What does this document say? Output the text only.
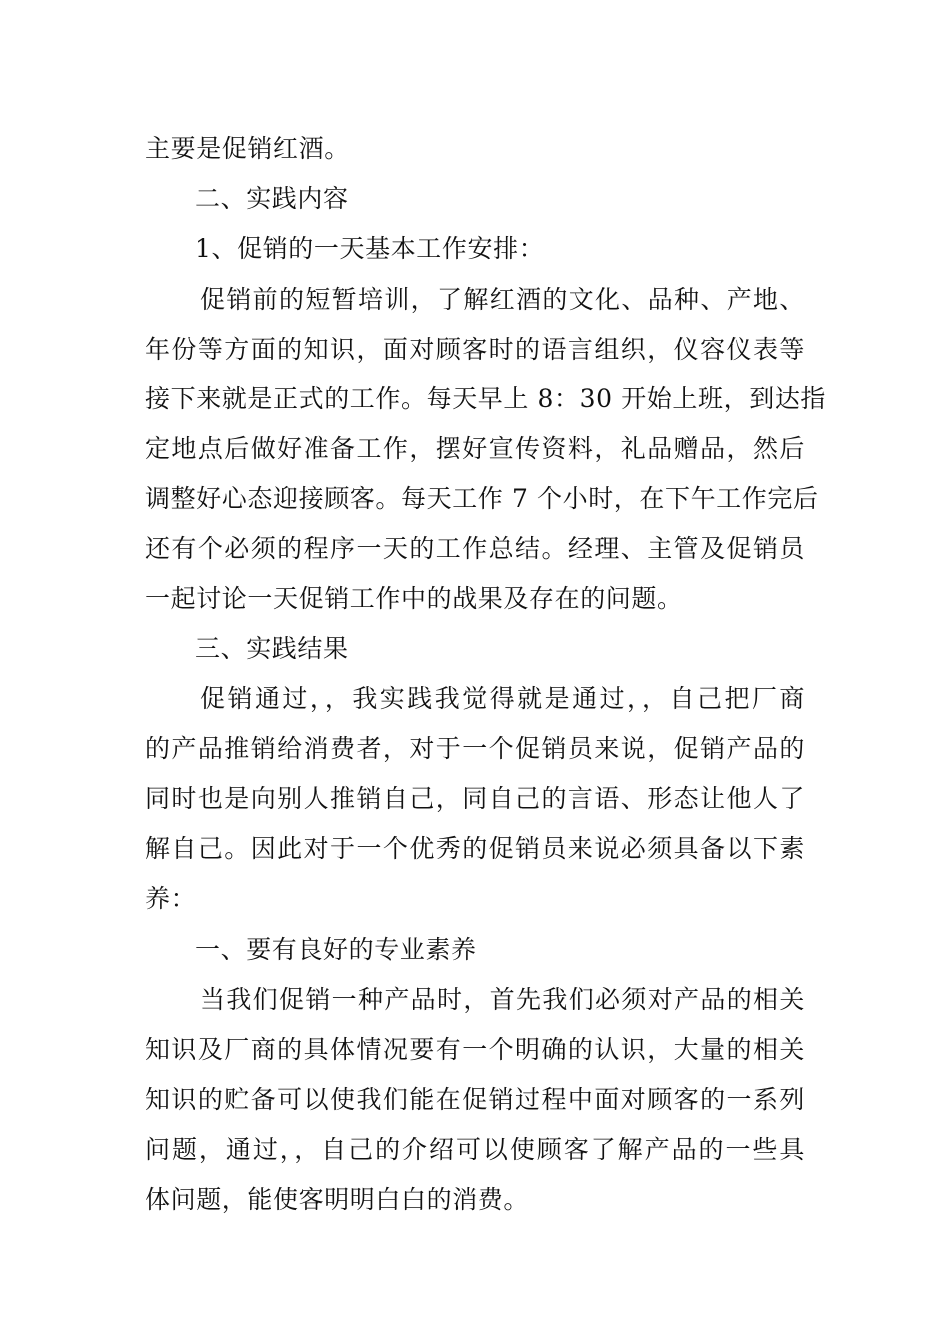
主要是促销红酒。
二、实践内容
1、促销的一天基本工作安排：
促销前的短暂培训，了解红酒的文化、品种、产地、
年份等方面的知识，面对顾客时的语言组织，仪容仪表等
接下来就是正式的工作。每天早上 8：30 开始上班，到达指
定地点后做好准备工作，摆好宣传资料，礼品赠品，然后
调整好心态迎接顾客。每天工作 7 个小时，在下午工作完后
还有个必须的程序一天的工作总结。经理、主管及促销员
一起讨论一天促销工作中的战果及存在的问题。
三、实践结果
促销通过，，我实践我觉得就是通过，，自己把厂商
的产品推销给消费者，对于一个促销员来说，促销产品的
同时也是向别人推销自己，同自己的言语、形态让他人了
解自己。因此对于一个优秀的促销员来说必须具备以下素
养：
一、要有良好的专业素养
当我们促销一种产品时，首先我们必须对产品的相关
知识及厂商的具体情况要有一个明确的认识，大量的相关
知识的贮备可以使我们能在促销过程中面对顾客的一系列
问题，通过，，自己的介绍可以使顾客了解产品的一些具
体问题，能使客明明白白的消费。
